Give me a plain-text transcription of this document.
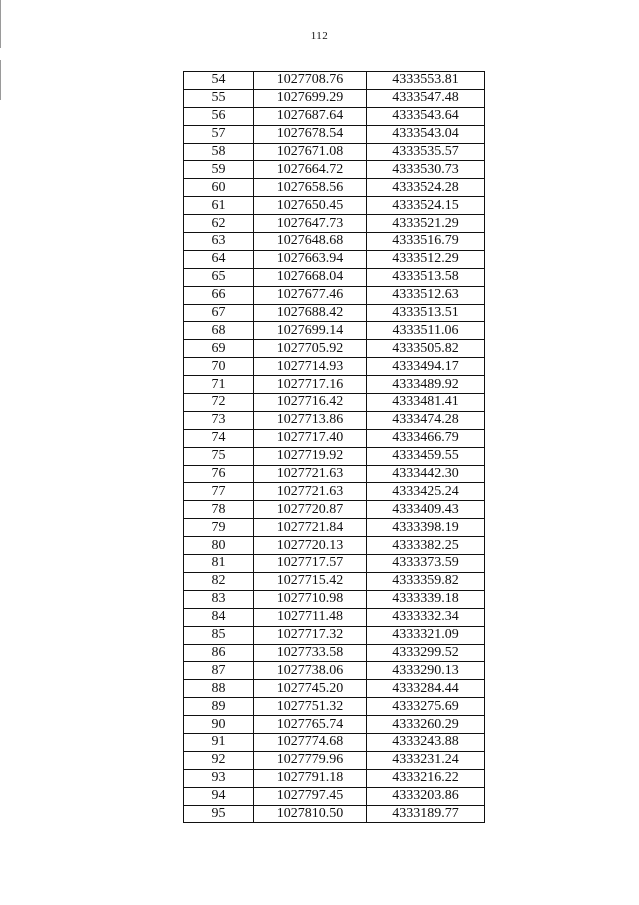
112
54	1027708.76	4333553.81
55	1027699.29	4333547.48
56	1027687.64	4333543.64
57	1027678.54	4333543.04
58	1027671.08	4333535.57
59	1027664.72	4333530.73
60	1027658.56	4333524.28
61	1027650.45	4333524.15
62	1027647.73	4333521.29
63	1027648.68	4333516.79
64	1027663.94	4333512.29
65	1027668.04	4333513.58
66	1027677.46	4333512.63
67	1027688.42	4333513.51
68	1027699.14	4333511.06
69	1027705.92	4333505.82
70	1027714.93	4333494.17
71	1027717.16	4333489.92
72	1027716.42	4333481.41
73	1027713.86	4333474.28
74	1027717.40	4333466.79
75	1027719.92	4333459.55
76	1027721.63	4333442.30
77	1027721.63	4333425.24
78	1027720.87	4333409.43
79	1027721.84	4333398.19
80	1027720.13	4333382.25
81	1027717.57	4333373.59
82	1027715.42	4333359.82
83	1027710.98	4333339.18
84	1027711.48	4333332.34
85	1027717.32	4333321.09
86	1027733.58	4333299.52
87	1027738.06	4333290.13
88	1027745.20	4333284.44
89	1027751.32	4333275.69
90	1027765.74	4333260.29
91	1027774.68	4333243.88
92	1027779.96	4333231.24
93	1027791.18	4333216.22
94	1027797.45	4333203.86
95	1027810.50	4333189.77
